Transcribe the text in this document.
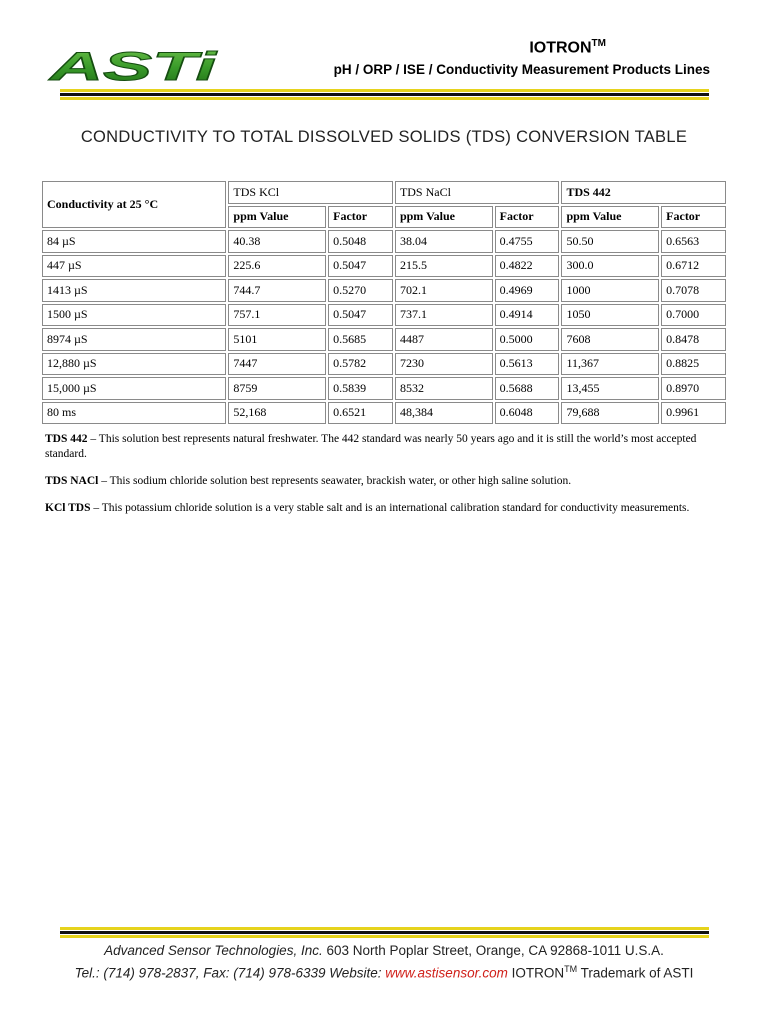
ASTi	IOTRON™
pH / ORP / ISE / Conductivity Measurement Products Lines
CONDUCTIVITY TO TOTAL DISSOLVED SOLIDS (TDS) CONVERSION TABLE
Conductivity at 25 °C	TDS KCl		TDS NaCl		TDS 442	
	ppm Value	Factor	ppm Value	Factor	ppm Value	Factor
84 µS	40.38	0.5048	38.04	0.4755	50.50	0.6563
447 µS	225.6	0.5047	215.5	0.4822	300.0	0.6712
1413 µS	744.7	0.5270	702.1	0.4969	1000	0.7078
1500 µS	757.1	0.5047	737.1	0.4914	1050	0.7000
8974 µS	5101	0.5685	4487	0.5000	7608	0.8478
12,880 µS	7447	0.5782	7230	0.5613	11,367	0.8825
15,000 µS	8759	0.5839	8532	0.5688	13,455	0.8970
80 ms	52,168	0.6521	48,384	0.6048	79,688	0.9961

TDS 442 – This solution best represents natural freshwater. The 442 standard was nearly 50 years ago and it is still the world’s most accepted standard.

TDS NACl – This sodium chloride solution best represents seawater, brackish water, or other high saline solution.

KCl TDS – This potassium chloride solution is a very stable salt and is an international calibration standard for conductivity measurements.

Advanced Sensor Technologies, Inc. 603 North Poplar Street, Orange, CA 92868-1011 U.S.A.
Tel.: (714) 978-2837, Fax: (714) 978-6339 Website: www.astisensor.com IOTRON™ Trademark of ASTI
